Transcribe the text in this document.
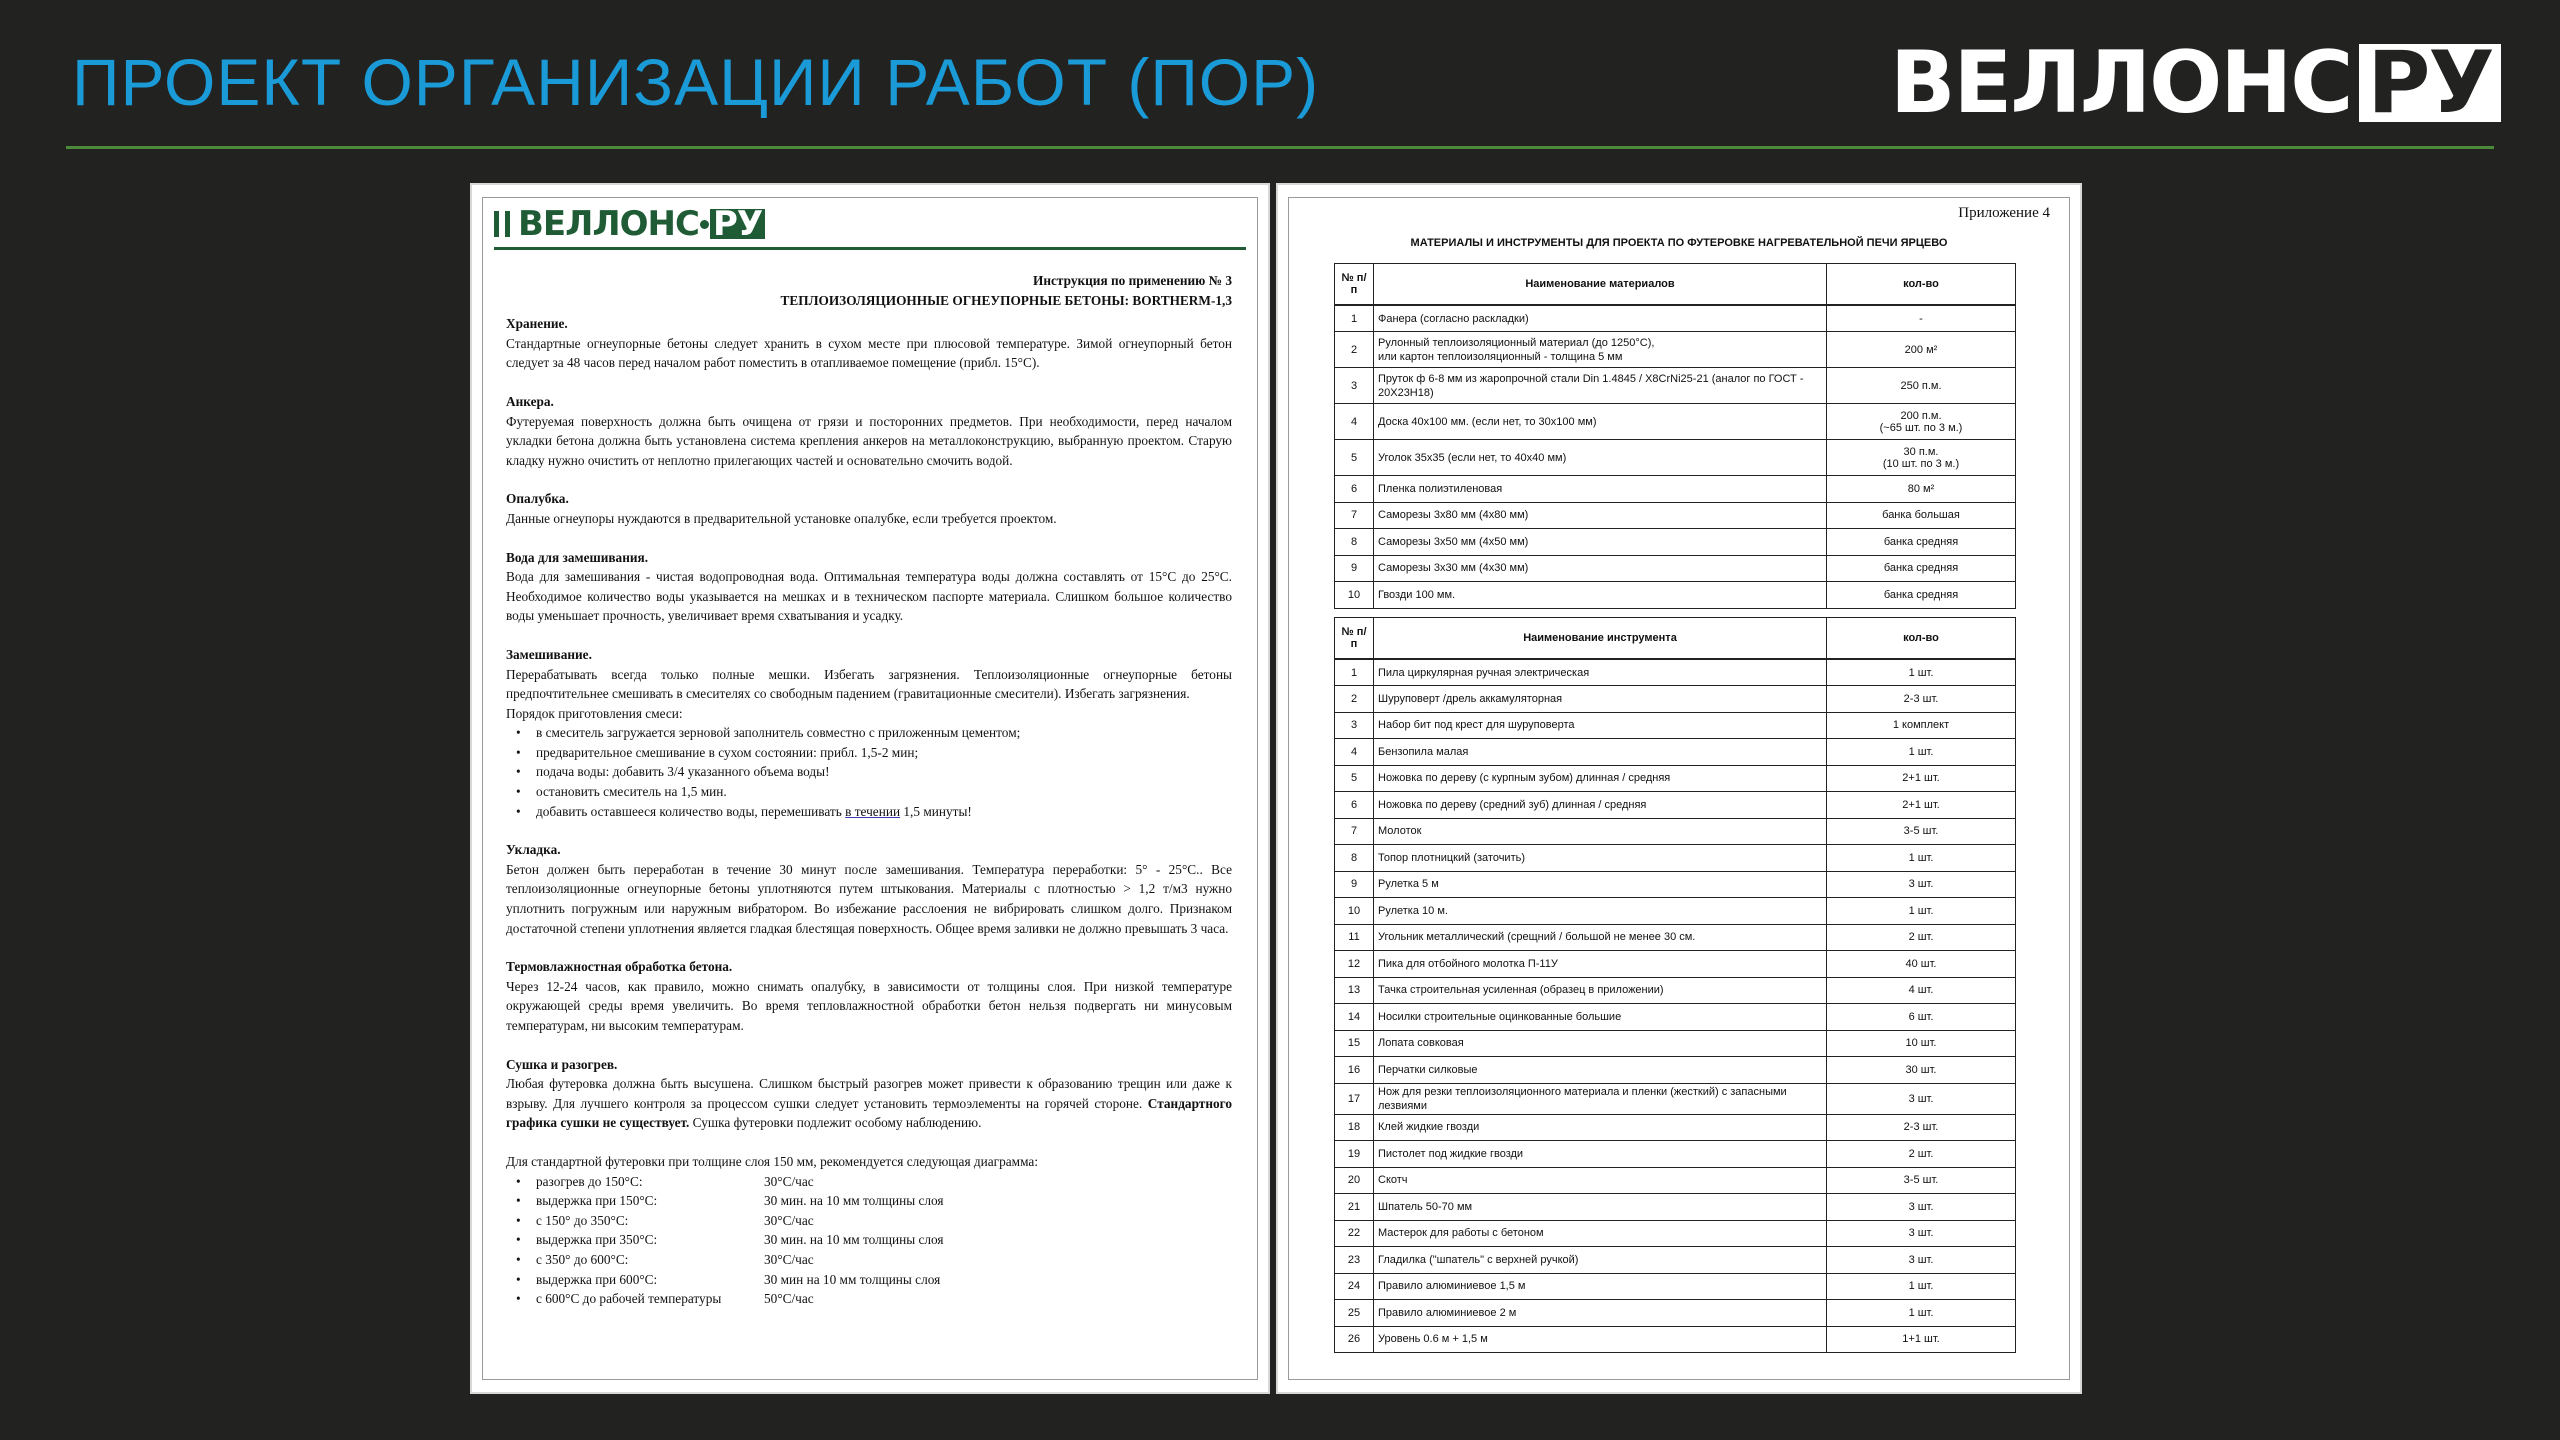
ПРОЕКТ ОРГАНИЗАЦИИ РАБОТ (ПОР)	ВЕЛЛОНС РУ
ВЕЛЛОНС РУ
Инструкция по применению № 3
ТЕПЛОИЗОЛЯЦИОННЫЕ ОГНЕУПОРНЫЕ БЕТОНЫ: BORTHERM-1,3
Хранение.

Стандартные огнеупорные бетоны следует хранить в сухом месте при плюсовой температуре. Зимой огнеупорный бетон следует за 48 часов перед началом работ поместить в отапливаемое помещение (прибл. 15°С).

Анкера.

Футеруемая поверхность должна быть очищена от грязи и посторонних предметов. При необходимости, перед началом укладки бетона должна быть установлена система крепления анкеров на металлоконструкцию, выбранную проектом. Старую кладку нужно очистить от неплотно прилегающих частей и основательно смочить водой.

Опалубка.

Данные огнеупоры нуждаются в предварительной установке опалубке, если требуется проектом.

Вода для замешивания.

Вода для замешивания - чистая водопроводная вода. Оптимальная температура воды должна составлять от 15°С до 25°С. Необходимое количество воды указывается на мешках и в техническом паспорте материала. Слишком большое количество воды уменьшает прочность, увеличивает время схватывания и усадку.

Замешивание.

Перерабатывать всегда только полные мешки. Избегать загрязнения. Теплоизоляционные огнеупорные бетоны предпочтительнее смешивать в смесителях со свободным падением (гравитационные смесители). Избегать загрязнения.

Порядок приготовления смеси:

• в смеситель загружается зерновой заполнитель совместно с приложенным цементом;
• предварительное смешивание в сухом состоянии: прибл. 1,5-2 мин;
• подача воды: добавить 3/4 указанного объема воды!
• остановить смеситель на 1,5 мин.
• добавить оставшееся количество воды, перемешивать в течении 1,5 минуты!
Укладка.

Бетон должен быть переработан в течение 30 минут после замешивания. Температура переработки: 5° - 25°С.. Все теплоизоляционные огнеупорные бетоны уплотняются путем штыкования. Материалы с плотностью > 1,2 т/м3 нужно уплотнить погружным или наружным вибратором. Во избежание расслоения не вибрировать слишком долго. Признаком достаточной степени уплотнения является гладкая блестящая поверхность. Общее время заливки не должно превышать 3 часа.

Термовлажностная обработка бетона.

Через 12-24 часов, как правило, можно снимать опалубку, в зависимости от толщины слоя. При низкой температуре окружающей среды время увеличить. Во время тепловлажностной обработки бетон нельзя подвергать ни минусовым температурам, ни высоким температурам.

Сушка и разогрев.

Любая футеровка должна быть высушена. Слишком быстрый разогрев может привести к образованию трещин или даже к взрыву. Для лучшего контроля за процессом сушки следует установить термоэлементы на горячей стороне. Стандартного графика сушки не существует. Сушка футеровки подлежит особому наблюдению.

Для стандартной футеровки при толщине слоя 150 мм, рекомендуется следующая диаграмма:

• разогрев до 150°С:	30°С/час
• выдержка при 150°С:	30 мин. на 10 мм толщины слоя
• с 150° до 350°С:	30°С/час
• выдержка при 350°С:	30 мин. на 10 мм толщины слоя
• с 350° до 600°С:	30°С/час
• выдержка при 600°С:	30 мин на 10 мм толщины слоя
• с 600°С до рабочей температуры	50°С/час
Приложение 4
МАТЕРИАЛЫ И ИНСТРУМЕНТЫ ДЛЯ ПРОЕКТА ПО ФУТЕРОВКЕ НАГРЕВАТЕЛЬНОЙ ПЕЧИ ЯРЦЕВО
№ п/п	Наименование материалов	кол-во
1	Фанера (согласно раскладки)	-
2	Рулонный теплоизоляционный материал (до 1250°С),
или картон теплоизоляционный - толщина 5 мм	200 м²
3	Пруток ф 6-8 мм из жаропрочной стали Din 1.4845 / X8CrNi25-21 (аналог по ГОСТ - 20Х23Н18)	250 п.м.
4	Доска 40х100 мм. (если нет, то 30х100 мм)	200 п.м.
(~65 шт. по 3 м.)
5	Уголок 35х35 (если нет, то 40х40 мм)	30 п.м.
(10 шт. по 3 м.)
6	Пленка полиэтиленовая	80 м²
7	Саморезы 3х80 мм (4х80 мм)	банка большая
8	Саморезы 3х50 мм (4х50 мм)	банка средняя
9	Саморезы 3х30 мм (4х30 мм)	банка средняя
10	Гвозди 100 мм.	банка средняя
№ п/п	Наименование инструмента	кол-во
1	Пила циркулярная ручная электрическая	1 шт.
2	Шуруповерт /дрель аккамуляторная	2-3 шт.
3	Набор бит под крест для шуруповерта	1 комплект
4	Бензопила малая	1 шт.
5	Ножовка по дереву (с курпным зубом) длинная / средняя	2+1 шт.
6	Ножовка по дереву (средний зуб) длинная / средняя	2+1 шт.
7	Молоток	3-5 шт.
8	Топор плотницкий (заточить)	1 шт.
9	Рулетка 5 м	3 шт.
10	Рулетка 10 м.	1 шт.
11	Угольник металлический (срещний / большой не менее 30 см.	2 шт.
12	Пика для отбойного молотка П-11У	40 шт.
13	Тачка строительная усиленная (образец в приложении)	4 шт.
14	Носилки строительные оцинкованные большие	6 шт.
15	Лопата совковая	10 шт.
16	Перчатки силковые	30 шт.
17	Нож для резки теплоизоляционного материала и пленки (жесткий) с запасными лезвиями	3 шт.
18	Клей жидкие гвозди	2-3 шт.
19	Пистолет под жидкие гвозди	2 шт.
20	Скотч	3-5 шт.
21	Шпатель 50-70 мм	3 шт.
22	Мастерок для работы с бетоном	3 шт.
23	Гладилка ("шпатель" с верхней ручкой)	3 шт.
24	Правило алюминиевое 1,5 м	1 шт.
25	Правило алюминиевое 2 м	1 шт.
26	Уровень 0.6 м + 1,5 м	1+1 шт.
